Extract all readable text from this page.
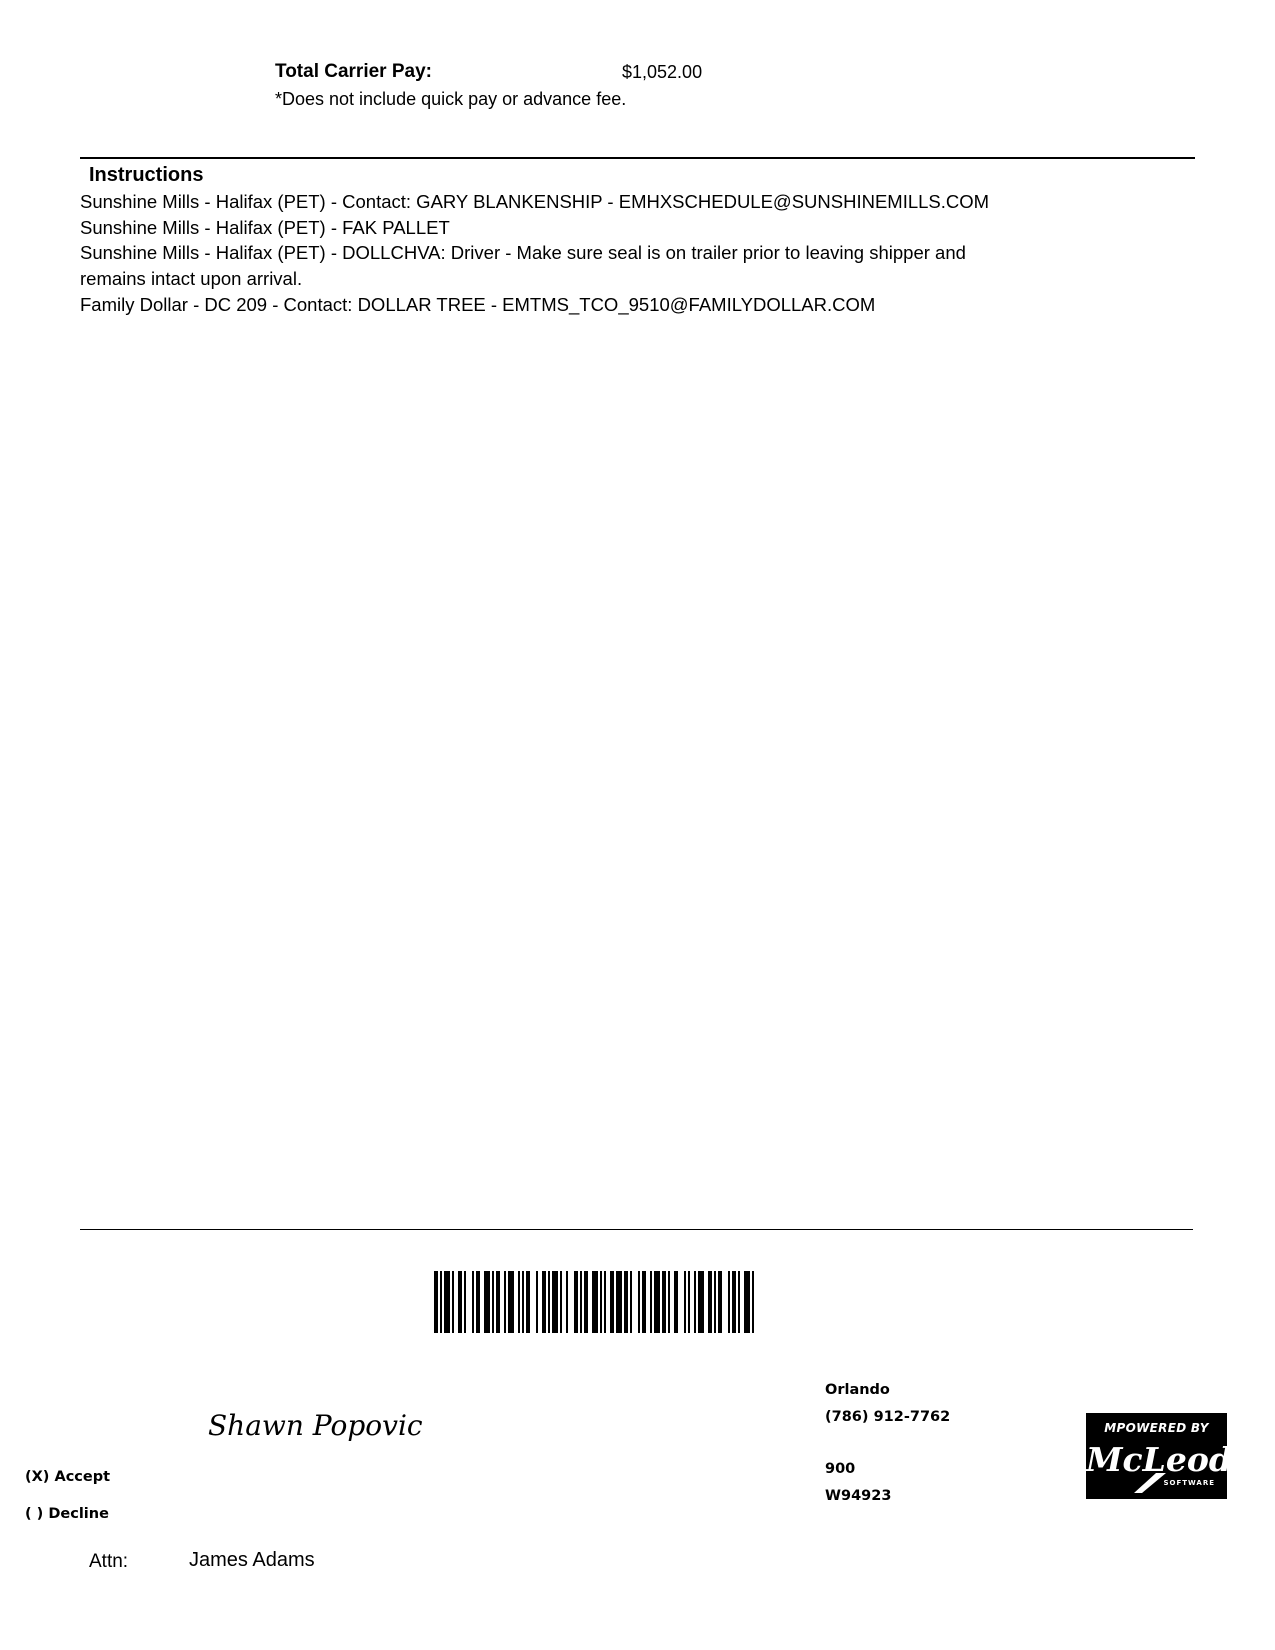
Total Carrier Pay:	$1,052.00
*Does not include quick pay or advance fee.
Instructions
Sunshine Mills - Halifax (PET) - Contact: GARY BLANKENSHIP - EMHXSCHEDULE@SUNSHINEMILLS.COM
Sunshine Mills - Halifax (PET) - FAK PALLET
Sunshine Mills - Halifax (PET) - DOLLCHVA: Driver - Make sure seal is on trailer prior to leaving shipper and
remains intact upon arrival.
Family Dollar - DC 209 - Contact: DOLLAR TREE - EMTMS_TCO_9510@FAMILYDOLLAR.COM
Shawn Popovic
(X) Accept
( ) Decline
Attn:	James Adams
Orlando
(786) 912-7762
900
W94923
MPOWERED BY
McLeod
SOFTWARE
